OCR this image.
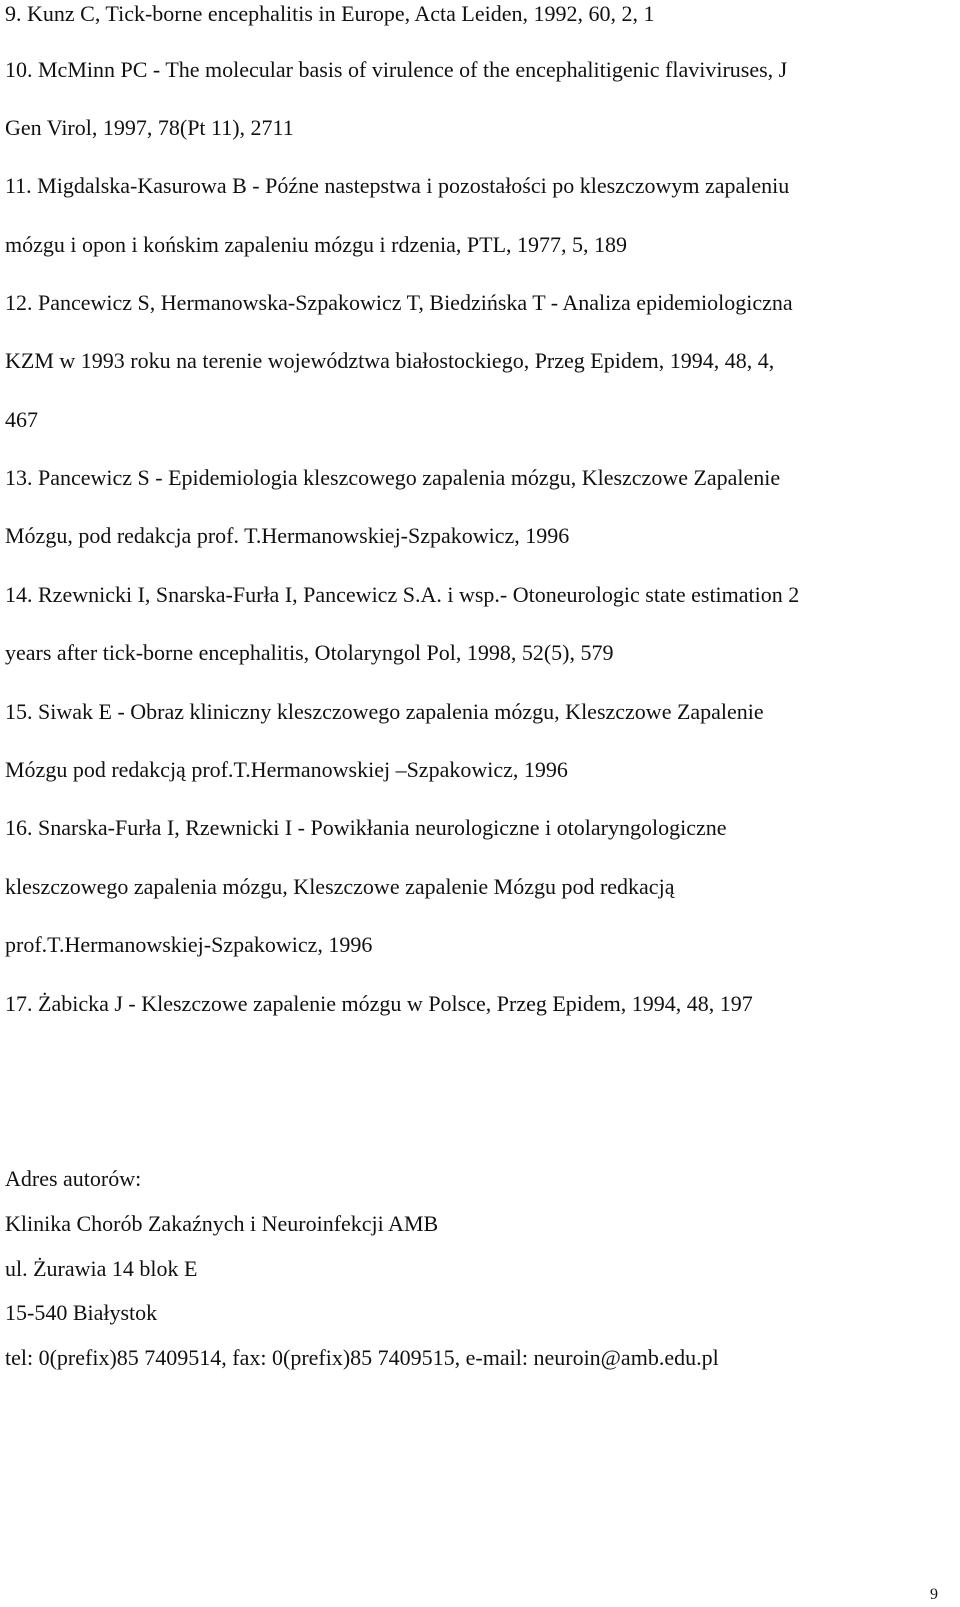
9. Kunz C, Tick-borne encephalitis in Europe, Acta Leiden, 1992, 60, 2, 1
10. McMinn PC - The molecular basis of virulence of the encephalitigenic flaviviruses, J
Gen Virol, 1997, 78(Pt 11), 2711
11. Migdalska-Kasurowa B - Późne nastepstwa i pozostałości po kleszczowym zapaleniu
mózgu i opon i końskim zapaleniu mózgu i rdzenia, PTL, 1977, 5, 189
12. Pancewicz S, Hermanowska-Szpakowicz T, Biedzińska T - Analiza epidemiologiczna
KZM w 1993 roku na terenie województwa białostockiego, Przeg Epidem, 1994, 48, 4,
467
13. Pancewicz S - Epidemiologia kleszcowego zapalenia mózgu, Kleszczowe Zapalenie
Mózgu, pod redakcja prof. T.Hermanowskiej-Szpakowicz, 1996
14. Rzewnicki I, Snarska-Furła I, Pancewicz S.A. i wsp.- Otoneurologic state estimation 2
years after tick-borne encephalitis, Otolaryngol Pol, 1998, 52(5), 579
15. Siwak E - Obraz kliniczny kleszczowego zapalenia mózgu, Kleszczowe Zapalenie
Mózgu pod redakcją prof.T.Hermanowskiej –Szpakowicz, 1996
16. Snarska-Furła I, Rzewnicki I - Powikłania neurologiczne i otolaryngologiczne
kleszczowego zapalenia mózgu, Kleszczowe zapalenie Mózgu pod redkacją
prof.T.Hermanowskiej-Szpakowicz, 1996
17. Żabicka J - Kleszczowe zapalenie mózgu w Polsce, Przeg Epidem, 1994, 48, 197
Adres autorów:
Klinika Chorób Zakaźnych i Neuroinfekcji AMB
ul. Żurawia 14 blok E
15-540 Białystok
tel: 0(prefix)85 7409514, fax: 0(prefix)85 7409515, e-mail: neuroin@amb.edu.pl
9
